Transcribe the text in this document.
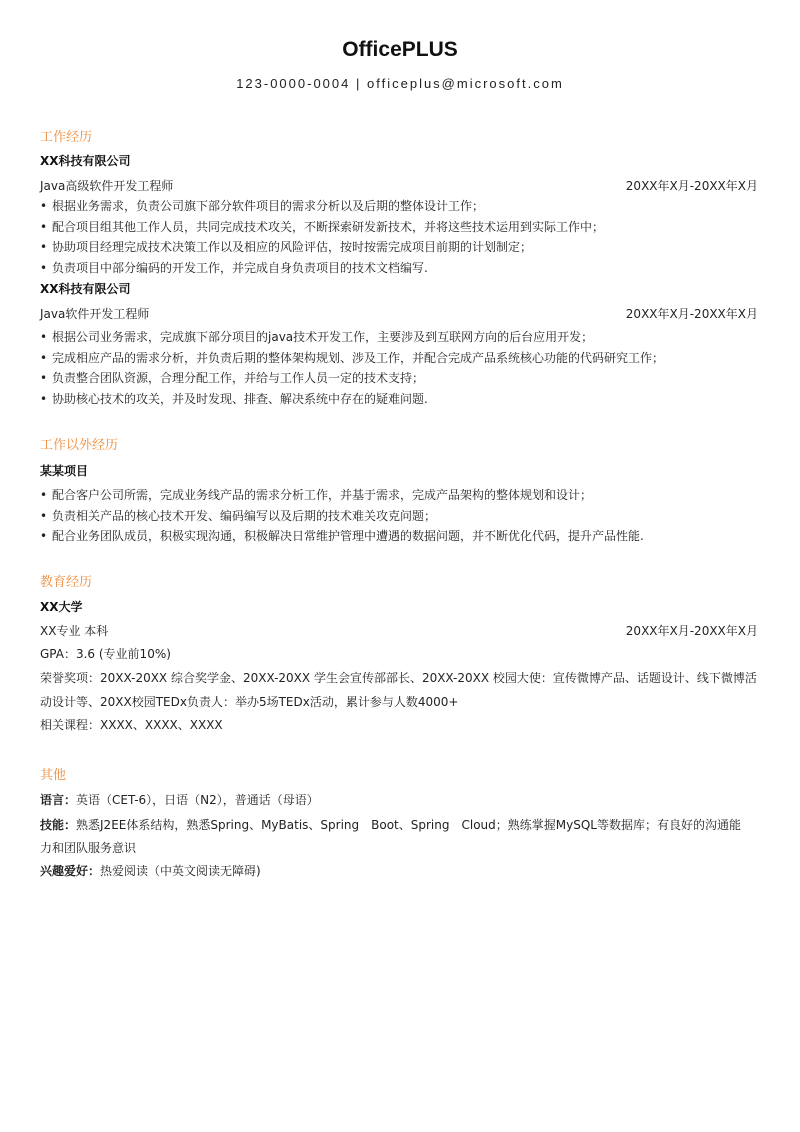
OfficePLUS
123-0000-0004 | officeplus@microsoft.com
工作经历
XX科技有限公司
Java高级软件开发工程师	20XX年X月-20XX年X月
• 根据业务需求，负责公司旗下部分软件项目的需求分析以及后期的整体设计工作；
• 配合项目组其他工作人员，共同完成技术攻关，不断探索研发新技术，并将这些技术运用到实际工作中；
• 协助项目经理完成技术决策工作以及相应的风险评估，按时按需完成项目前期的计划制定；
• 负责项目中部分编码的开发工作，并完成自身负责项目的技术文档编写.
XX科技有限公司
Java软件开发工程师	20XX年X月-20XX年X月
• 根据公司业务需求，完成旗下部分项目的java技术开发工作，主要涉及到互联网方向的后台应用开发；
• 完成相应产品的需求分析，并负责后期的整体架构规划、涉及工作，并配合完成产品系统核心功能的代码研究工作；
• 负责整合团队资源，合理分配工作，并给与工作人员一定的技术支持；
• 协助核心技术的攻关，并及时发现、排查、解决系统中存在的疑难问题.
工作以外经历
某某项目
• 配合客户公司所需，完成业务线产品的需求分析工作，并基于需求，完成产品架构的整体规划和设计；
• 负责相关产品的核心技术开发、编码编写以及后期的技术难关攻克问题；
• 配合业务团队成员，积极实现沟通，积极解决日常维护管理中遭遇的数据问题，并不断优化代码，提升产品性能.
教育经历
XX大学
XX专业 本科	20XX年X月-20XX年X月
GPA：3.6 (专业前10%)
荣誉奖项：20XX-20XX 综合奖学金、20XX-20XX 学生会宣传部部长、20XX-20XX 校园大使：宣传微博产品、话题设计、线下微博活
动设计等、20XX校园TEDx负责人：举办5场TEDx活动，累计参与人数4000+
相关课程：XXXX、XXXX、XXXX
其他
语言：英语（CET-6），日语（N2），普通话（母语）
技能：熟悉J2EE体系结构，熟悉Spring、MyBatis、Spring　Boot、Spring　Cloud；熟练掌握MySQL等数据库；有良好的沟通能
力和团队服务意识
兴趣爱好：热爱阅读（中英文阅读无障碍)
